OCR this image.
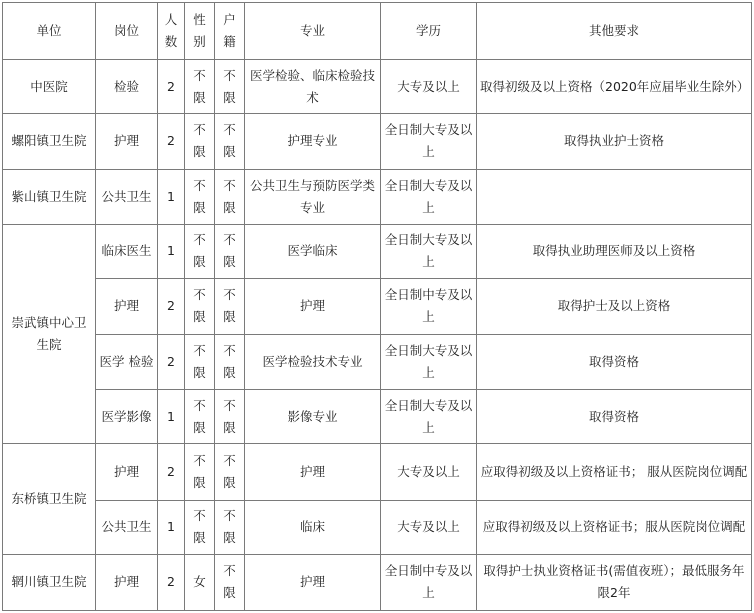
单位	岗位	人数	性别	户籍	专业	学历	其他要求
中医院	检验	2	不限	不限	医学检验、临床检验技术	大专及以上	取得初级及以上资格（2020年应届毕业生除外）
螺阳镇卫生院	护理	2	不限	不限	护理专业	全日制大专及以上	取得执业护士资格
紫山镇卫生院	公共卫生	1	不限	不限	公共卫生与预防医学类专业	全日制大专及以上	
崇武镇中心卫生院	临床医生	1	不限	不限	医学临床	全日制大专及以上	取得执业助理医师及以上资格
	护理	2	不限	不限	护理	全日制中专及以上	取得护士及以上资格
	医学 检验	2	不限	不限	医学检验技术专业	全日制大专及以上	取得资格
	医学影像	1	不限	不限	影像专业	全日制大专及以上	取得资格
东桥镇卫生院	护理	2	不限	不限	护理	大专及以上	应取得初级及以上资格证书； 服从医院岗位调配
	公共卫生	1	不限	不限	临床	大专及以上	应取得初级及以上资格证书；服从医院岗位调配
辋川镇卫生院	护理	2	女	不限	护理	全日制中专及以上	取得护士执业资格证书(需值夜班）；最低服务年限2年
